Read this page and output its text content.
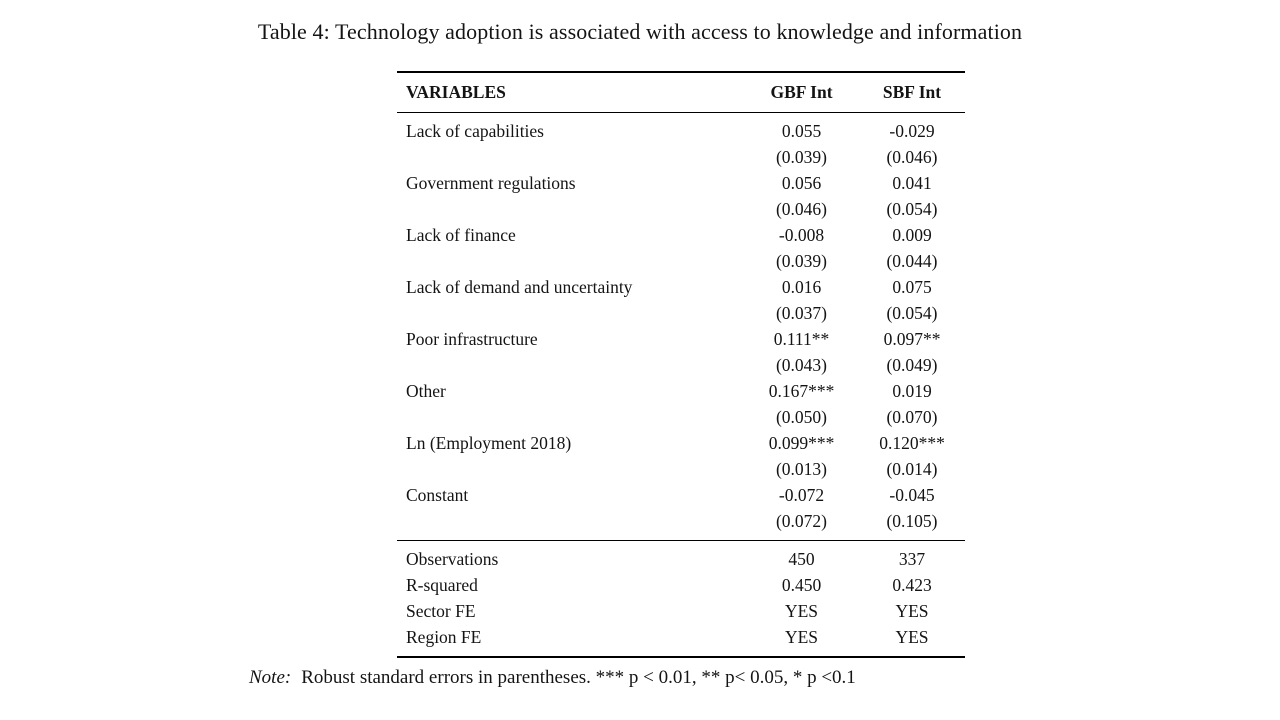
Table 4: Technology adoption is associated with access to knowledge and information
VARIABLES	GBF Int	SBF Int
Lack of capabilities	0.055	-0.029
	(0.039)	(0.046)
Government regulations	0.056	0.041
	(0.046)	(0.054)
Lack of finance	-0.008	0.009
	(0.039)	(0.044)
Lack of demand and uncertainty	0.016	0.075
	(0.037)	(0.054)
Poor infrastructure	0.111**	0.097**
	(0.043)	(0.049)
Other	0.167***	0.019
	(0.050)	(0.070)
Ln (Employment 2018)	0.099***	0.120***
	(0.013)	(0.014)
Constant	-0.072	-0.045
	(0.072)	(0.105)
Observations	450	337
R-squared	0.450	0.423
Sector FE	YES	YES
Region FE	YES	YES
Note: Robust standard errors in parentheses. *** p < 0.01, ** p< 0.05, * p <0.1
